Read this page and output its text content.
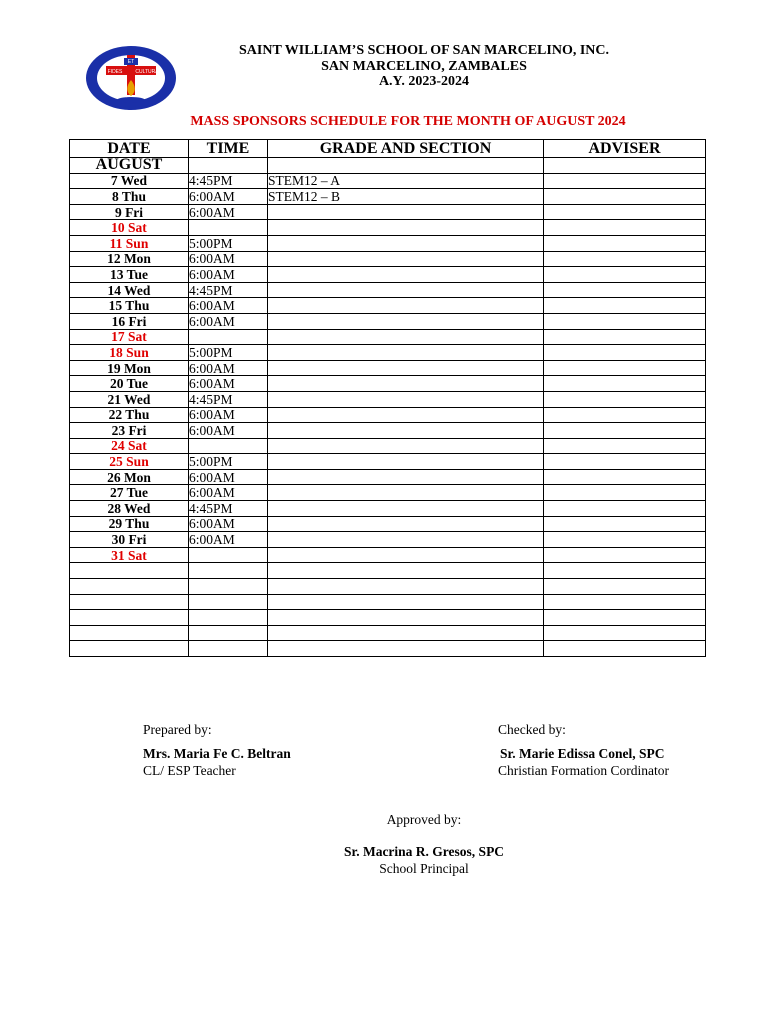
ET
FIDES	CULTURA
SAINT WILLIAM’S SCHOOL OF SAN MARCELINO, INC.
SAN MARCELINO, ZAMBALES
A.Y. 2023-2024
MASS SPONSORS SCHEDULE FOR THE MONTH OF AUGUST 2024
DATE	TIME	GRADE AND SECTION	ADVISER
AUGUST			
7 Wed	4:45PM	STEM12 – A	
8 Thu	6:00AM	STEM12 – B	
9 Fri	6:00AM		
10 Sat			
11 Sun	5:00PM		
12 Mon	6:00AM		
13 Tue	6:00AM		
14 Wed	4:45PM		
15 Thu	6:00AM		
16 Fri	6:00AM		
17 Sat			
18 Sun	5:00PM		
19 Mon	6:00AM		
20 Tue	6:00AM		
21 Wed	4:45PM		
22 Thu	6:00AM		
23 Fri	6:00AM		
24 Sat			
25 Sun	5:00PM		
26 Mon	6:00AM		
27 Tue	6:00AM		
28 Wed	4:45PM		
29 Thu	6:00AM		
30 Fri	6:00AM		
31 Sat			

Prepared by:
Mrs. Maria Fe C. Beltran
CL/ ESP Teacher
Checked by:
Sr. Marie Edissa Conel, SPC
Christian Formation Cordinator
Approved by:
Sr. Macrina R. Gresos, SPC
School Principal
